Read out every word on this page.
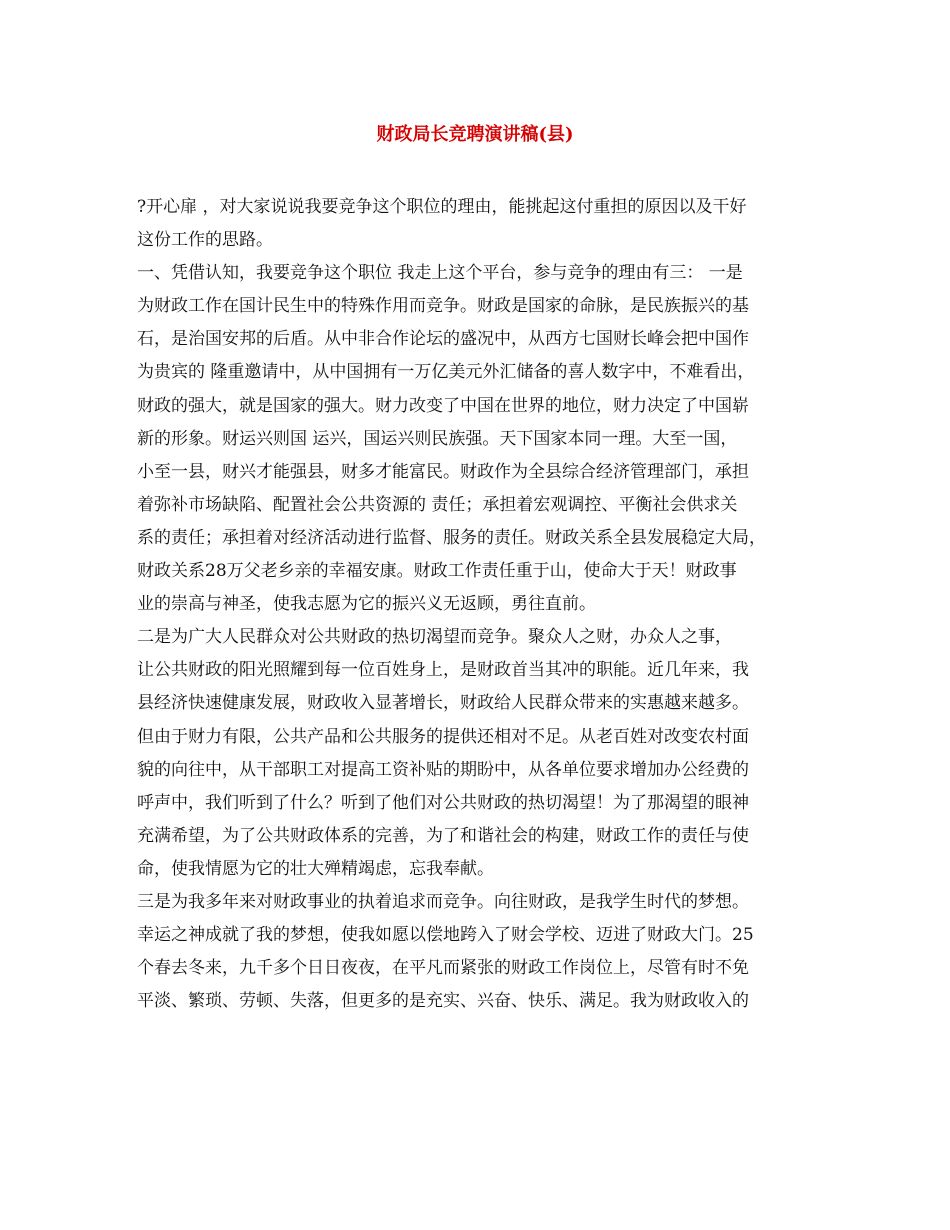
财政局长竞聘演讲稿(县)
?开心扉 ，对大家说说我要竞争这个职位的理由，能挑起这付重担的原因以及干好
这份工作的思路。
一、凭借认知，我要竞争这个职位 我走上这个平台，参与竞争的理由有三： 一是
为财政工作在国计民生中的特殊作用而竞争。财政是国家的命脉，是民族振兴的基
石，是治国安邦的后盾。从中非合作论坛的盛况中，从西方七国财长峰会把中国作
为贵宾的 隆重邀请中，从中国拥有一万亿美元外汇储备的喜人数字中，不难看出，
财政的强大，就是国家的强大。财力改变了中国在世界的地位，财力决定了中国崭
新的形象。财运兴则国 运兴，国运兴则民族强。天下国家本同一理。大至一国，
小至一县，财兴才能强县，财多才能富民。财政作为全县综合经济管理部门，承担
着弥补市场缺陷、配置社会公共资源的 责任；承担着宏观调控、平衡社会供求关
系的责任；承担着对经济活动进行监督、服务的责任。财政关系全县发展稳定大局，
财政关系28万父老乡亲的幸福安康。财政工作责任重于山，使命大于天！财政事
业的崇高与神圣，使我志愿为它的振兴义无返顾，勇往直前。
二是为广大人民群众对公共财政的热切渴望而竞争。聚众人之财，办众人之事，
让公共财政的阳光照耀到每一位百姓身上，是财政首当其冲的职能。近几年来，我
县经济快速健康发展，财政收入显著增长，财政给人民群众带来的实惠越来越多。
但由于财力有限，公共产品和公共服务的提供还相对不足。从老百姓对改变农村面
貌的向往中，从干部职工对提高工资补贴的期盼中，从各单位要求增加办公经费的
呼声中，我们听到了什么？听到了他们对公共财政的热切渴望！为了那渴望的眼神
充满希望，为了公共财政体系的完善，为了和谐社会的构建，财政工作的责任与使
命，使我情愿为它的壮大殚精竭虑，忘我奉献。
三是为我多年来对财政事业的执着追求而竞争。向往财政，是我学生时代的梦想。
幸运之神成就了我的梦想，使我如愿以偿地跨入了财会学校、迈进了财政大门。25
个春去冬来，九千多个日日夜夜，在平凡而紧张的财政工作岗位上，尽管有时不免
平淡、繁琐、劳顿、失落，但更多的是充实、兴奋、快乐、满足。我为财政收入的
